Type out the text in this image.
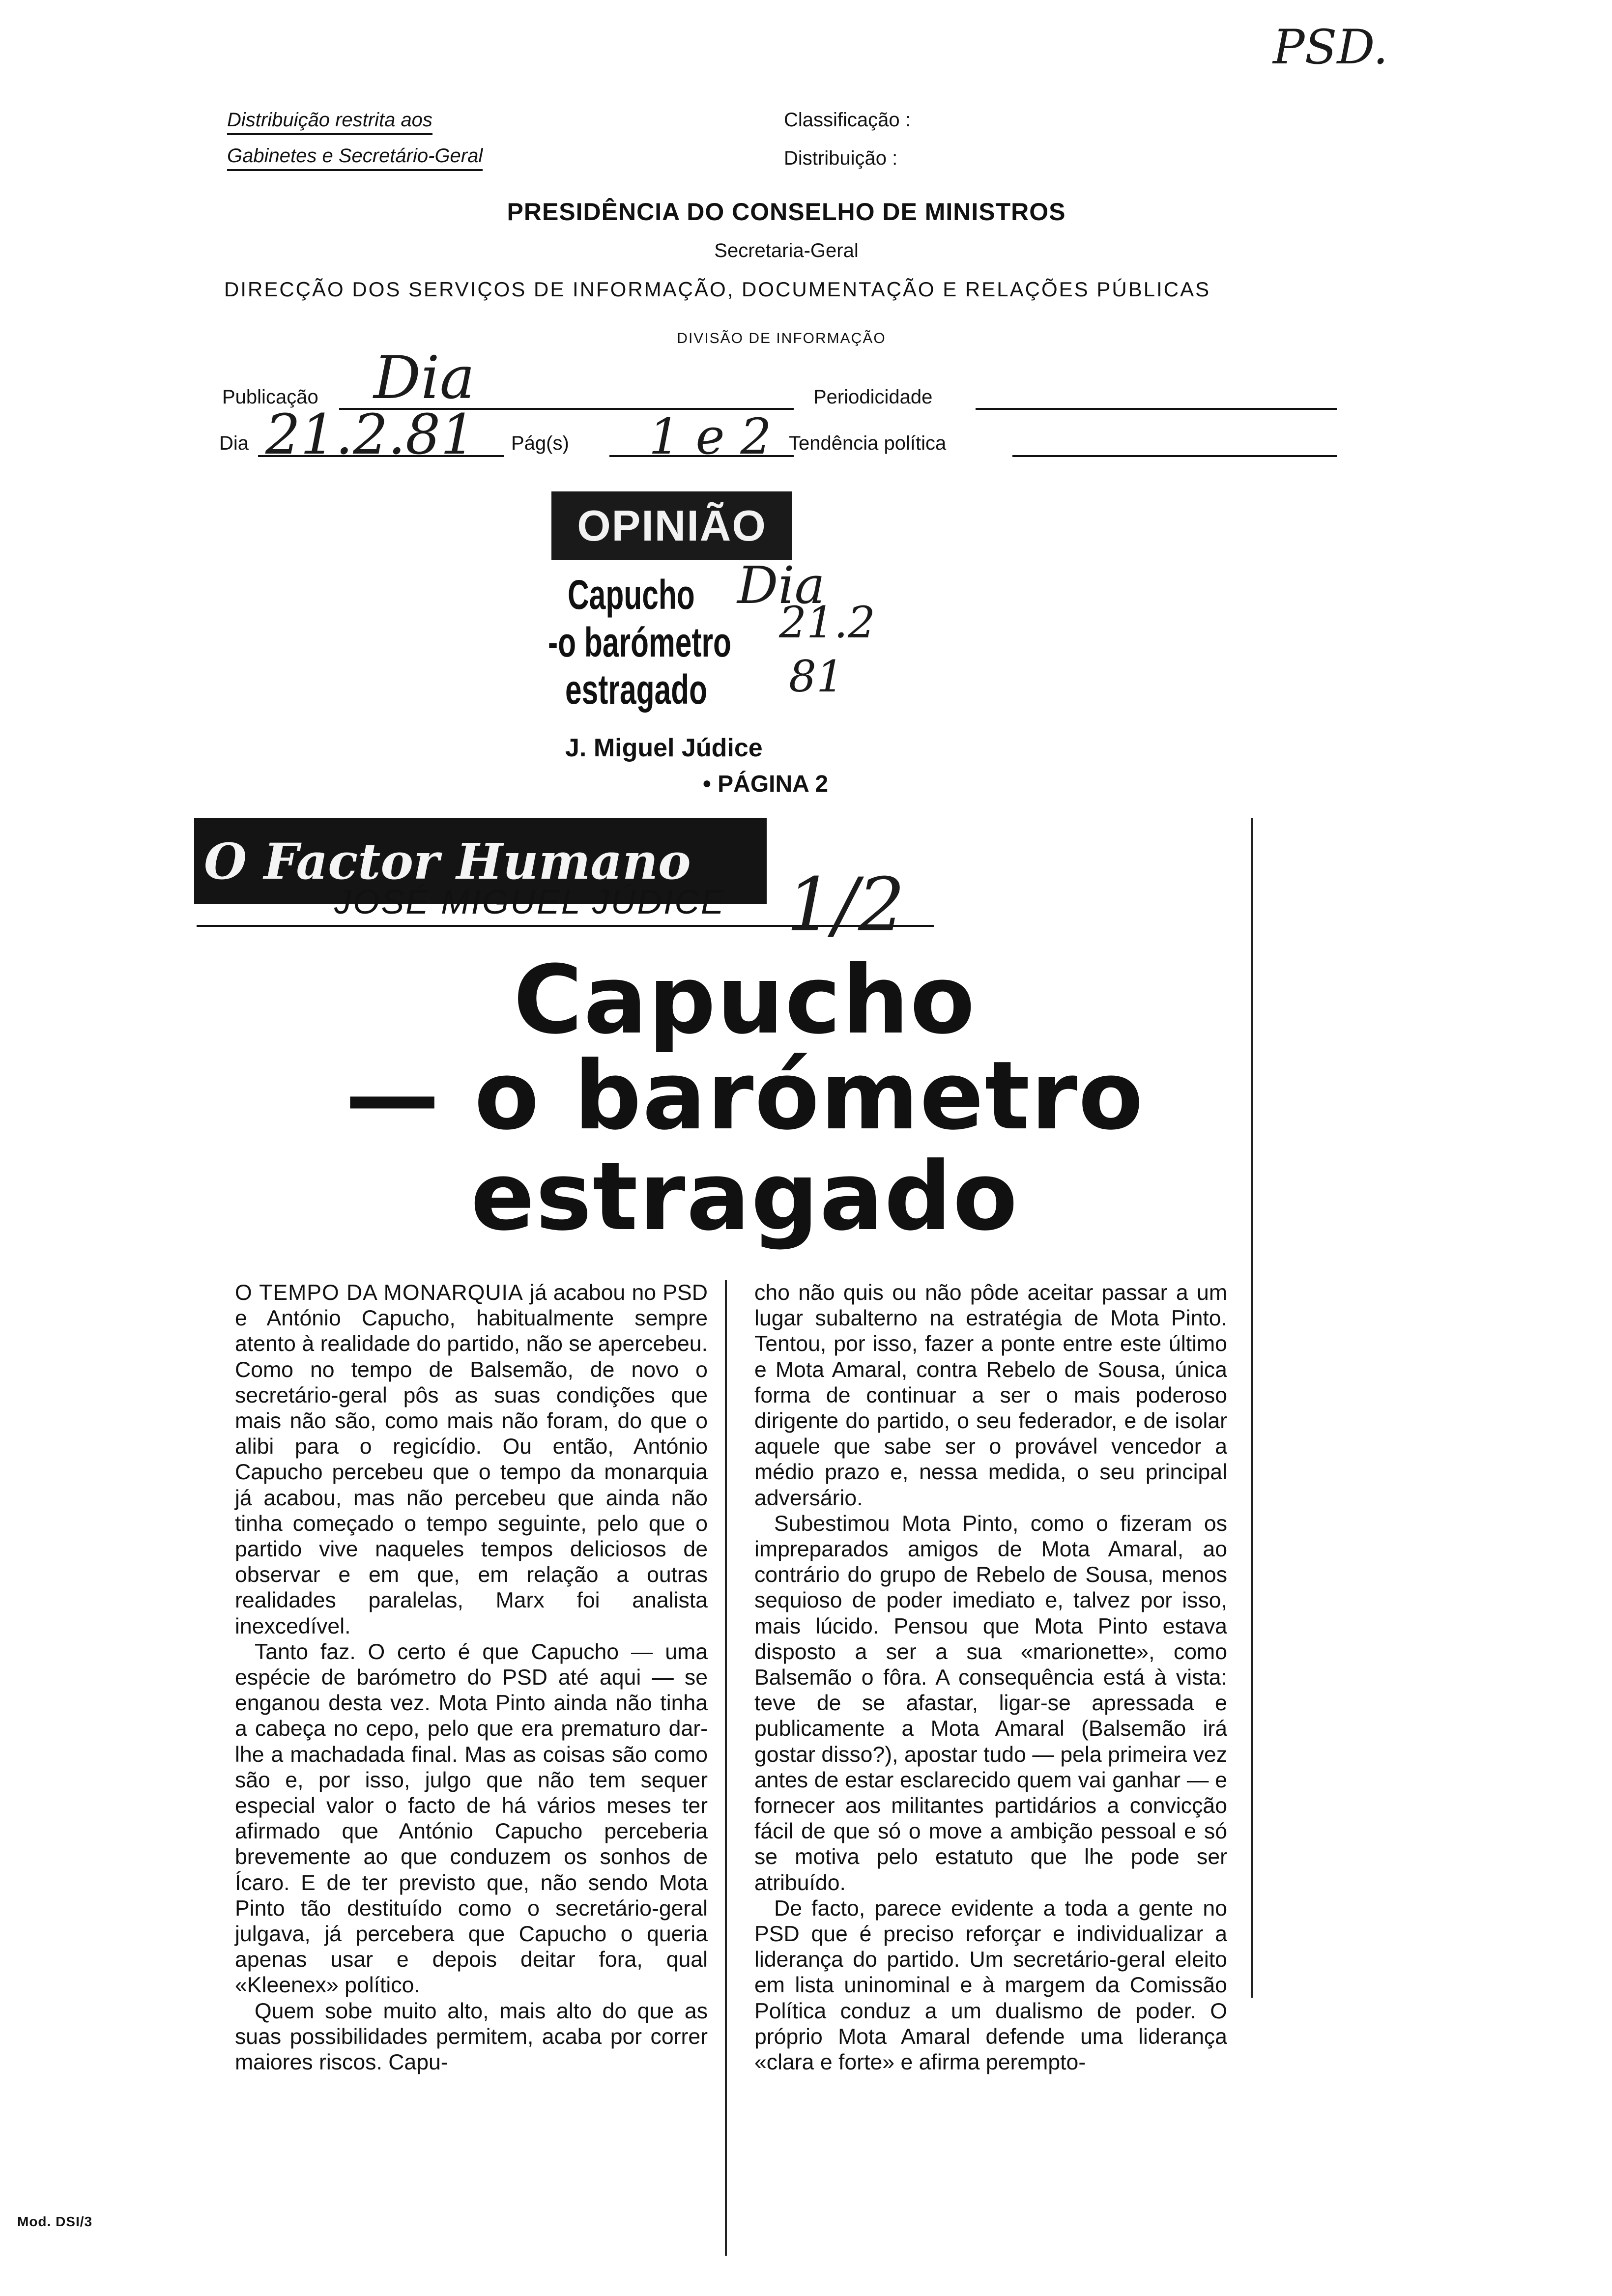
PSD.
Distribuição restrita aos
Gabinetes e Secretário-Geral
Classificação :
Distribuição :
PRESIDÊNCIA DO CONSELHO DE MINISTROS
Secretaria-Geral
DIRECÇÃO DOS SERVIÇOS DE INFORMAÇÃO, DOCUMENTAÇÃO E RELAÇÕES PÚBLICAS
DIVISÃO DE INFORMAÇÃO
Publicação Dia	Periodicidade
Dia 21.2.81 Pág(s) 1 e 2 Tendência política
OPINIÃO
Capucho
-o barómetro
estragado
Dia
21.2
81
J. Miguel Júdice
• PÁGINA 2
O Factor Humano
JOSÉ MIGUEL JÚDICE 1/2
Capucho
— o barómetro
estragado

O TEMPO DA MONARQUIA já acabou no PSD e António Capucho, habitualmente sempre atento à realidade do partido, não se apercebeu. Como no tempo de Balsemão, de novo o secretário-geral pôs as suas condições que mais não são, como mais não foram, do que o alibi para o regicídio. Ou então, António Capucho percebeu que o tempo da monarquia já acabou, mas não percebeu que ainda não tinha começado o tempo seguinte, pelo que o partido vive naqueles tempos deliciosos de observar e em que, em relação a outras realidades paralelas, Marx foi analista inexcedível.

Tanto faz. O certo é que Capucho — uma espécie de barómetro do PSD até aqui — se enganou desta vez. Mota Pinto ainda não tinha a cabeça no cepo, pelo que era prematuro dar-lhe a machadada final. Mas as coisas são como são e, por isso, julgo que não tem sequer especial valor o facto de há vários meses ter afirmado que António Capucho perceberia brevemente ao que conduzem os sonhos de Ícaro. E de ter previsto que, não sendo Mota Pinto tão destituído como o secretário-geral julgava, já percebera que Capucho o queria apenas usar e depois deitar fora, qual «Kleenex» político.

Quem sobe muito alto, mais alto do que as suas possibilidades permitem, acaba por correr maiores riscos. Capu-

cho não quis ou não pôde aceitar passar a um lugar subalterno na estratégia de Mota Pinto. Tentou, por isso, fazer a ponte entre este último e Mota Amaral, contra Rebelo de Sousa, única forma de continuar a ser o mais poderoso dirigente do partido, o seu federador, e de isolar aquele que sabe ser o provável vencedor a médio prazo e, nessa medida, o seu principal adversário.

Subestimou Mota Pinto, como o fizeram os impreparados amigos de Mota Amaral, ao contrário do grupo de Rebelo de Sousa, menos sequioso de poder imediato e, talvez por isso, mais lúcido. Pensou que Mota Pinto estava disposto a ser a sua «marionette», como Balsemão o fôra. A consequência está à vista: teve de se afastar, ligar-se apressada e publicamente a Mota Amaral (Balsemão irá gostar disso?), apostar tudo — pela primeira vez antes de estar esclarecido quem vai ganhar — e fornecer aos militantes partidários a convicção fácil de que só o move a ambição pessoal e só se motiva pelo estatuto que lhe pode ser atribuído.

De facto, parece evidente a toda a gente no PSD que é preciso reforçar e individualizar a liderança do partido. Um secretário-geral eleito em lista uninominal e à margem da Comissão Política conduz a um dualismo de poder. O próprio Mota Amaral defende uma liderança «clara e forte» e afirma perempto-

Mod. DSI/3
